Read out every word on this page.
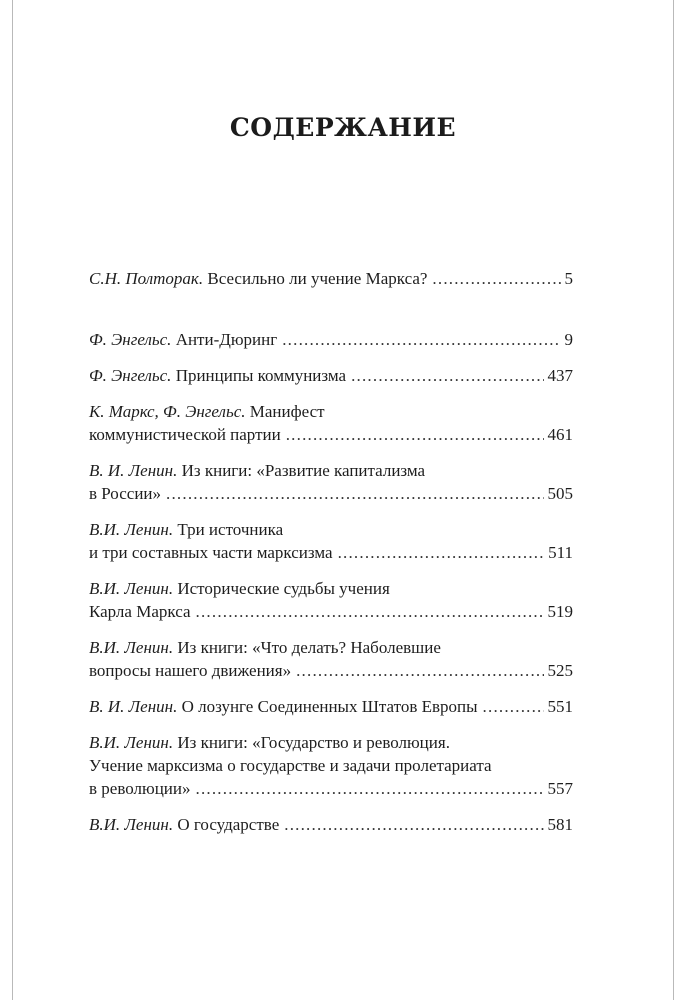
СОДЕРЖАНИЕ
С.Н. Полторак. Всесильно ли учение Маркса? .....	5
Ф. Энгельс. Анти-Дюринг .....	9
Ф. Энгельс. Принципы коммунизма .....	437
К. Маркс, Ф. Энгельс. Манифест
коммунистической партии .....	461
В. И. Ленин. Из книги: «Развитие капитализма
в России» .....	505
В.И. Ленин. Три источника
и три составных части марксизма .....	511
В.И. Ленин. Исторические судьбы учения
Карла Маркса .....	519
В.И. Ленин. Из книги: «Что делать? Наболевшие
вопросы нашего движения» .....	525
В. И. Ленин. О лозунге Соединенных Штатов Европы .....	551
В.И. Ленин. Из книги: «Государство и революция.
Учение марксизма о государстве и задачи пролетариата
в революции» .....	557
В.И. Ленин. О государстве .....	581
